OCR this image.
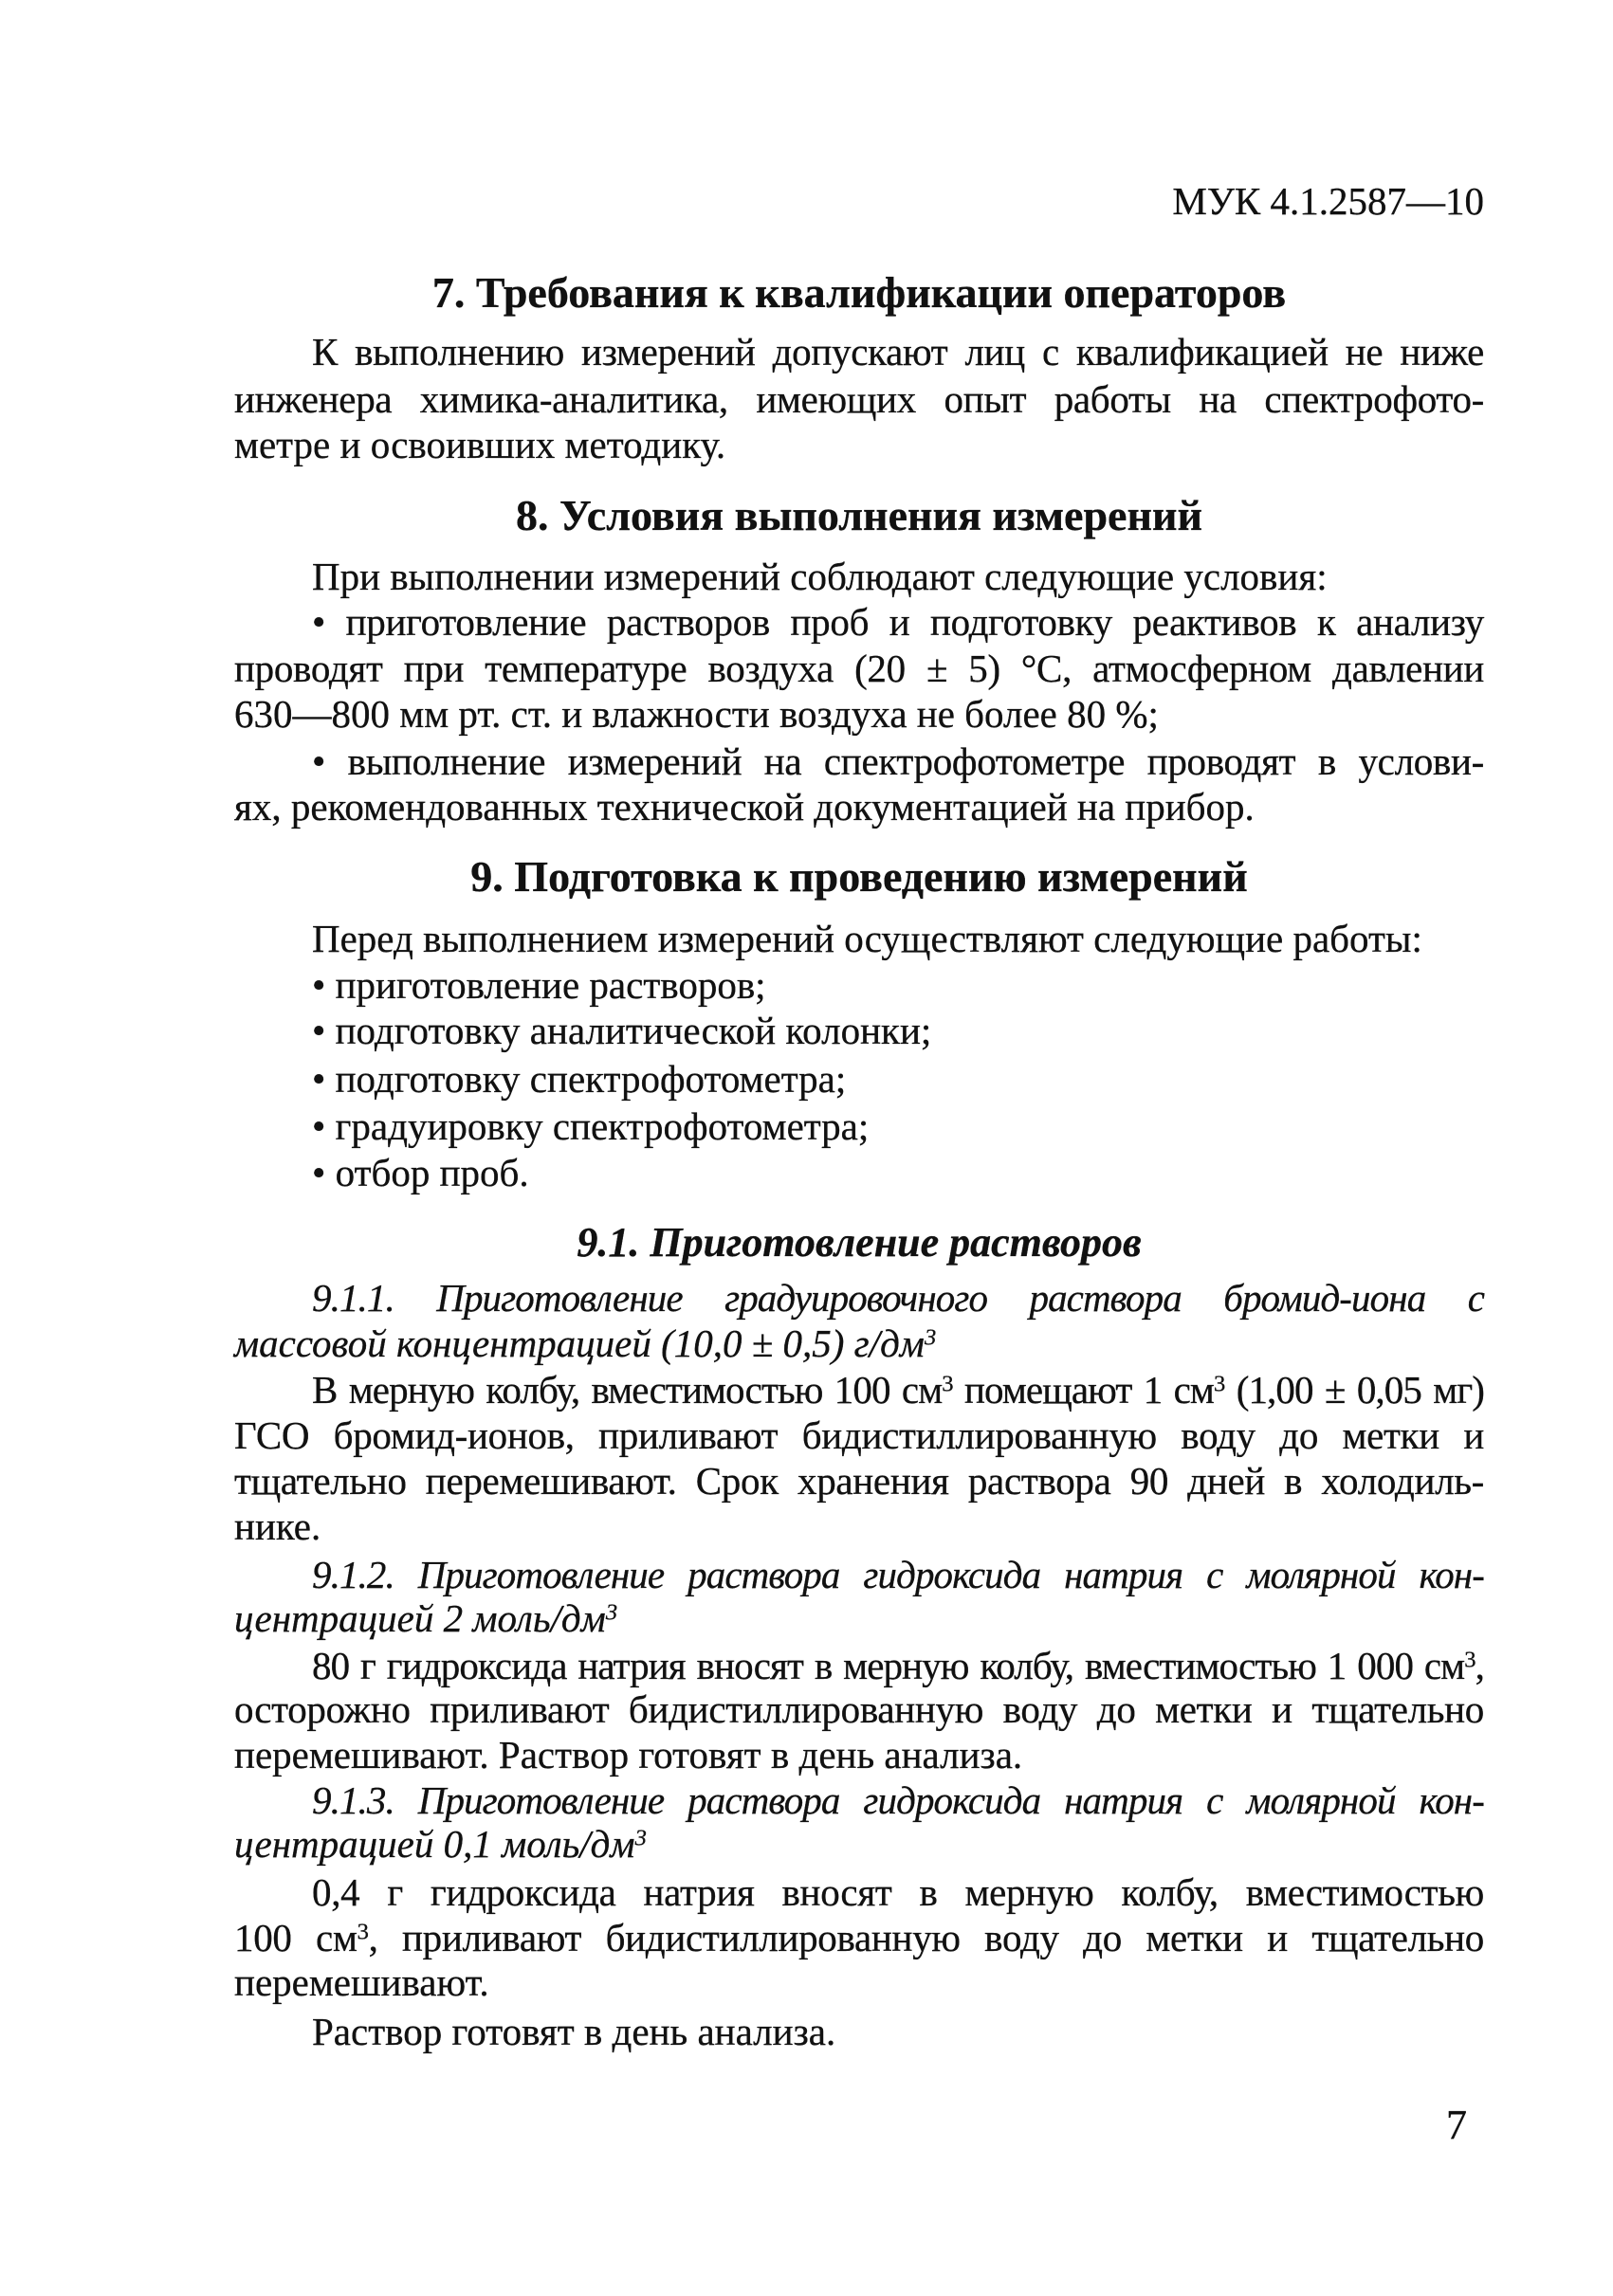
МУК 4.1.2587—10
7. Требования к квалификации операторов
К выполнению измерений допускают лиц с квалификацией не ниже
инженера химика-аналитика, имеющих опыт работы на спектрофото-
метре и освоивших методику.
8. Условия выполнения измерений
При выполнении измерений соблюдают следующие условия:
• приготовление растворов проб и подготовку реактивов к анализу
проводят при температуре воздуха (20 ± 5) °С, атмосферном давлении
630—800 мм рт. ст. и влажности воздуха не более 80 %;
• выполнение измерений на спектрофотометре проводят в услови-
ях, рекомендованных технической документацией на прибор.
9. Подготовка к проведению измерений
Перед выполнением измерений осуществляют следующие работы:
• приготовление растворов;
• подготовку аналитической колонки;
• подготовку спектрофотометра;
• градуировку спектрофотометра;
• отбор проб.
9.1. Приготовление растворов
9.1.1. Приготовление градуировочного раствора бромид-иона с
массовой концентрацией (10,0 ± 0,5) $г/дм^3$
В мерную колбу, вместимостью 100 $см^3$ помещают 1 $см^3$ (1,00 ± 0,05 мг)
ГСО бромид-ионов, приливают бидистиллированную воду до метки и
тщательно перемешивают. Срок хранения раствора 90 дней в холодиль-
нике.
9.1.2. Приготовление раствора гидроксида натрия с молярной кон-
центрацией 2 моль/$дм^3$
80 г гидроксида натрия вносят в мерную колбу, вместимостью 1 000 $см^3$,
осторожно приливают бидистиллированную воду до метки и тщательно
перемешивают. Раствор готовят в день анализа.
9.1.3. Приготовление раствора гидроксида натрия с молярной кон-
центрацией 0,1 моль/$дм^3$
0,4 г гидроксида натрия вносят в мерную колбу, вместимостью
100 $см^3$, приливают бидистиллированную воду до метки и тщательно
перемешивают.
Раствор готовят в день анализа.
7
